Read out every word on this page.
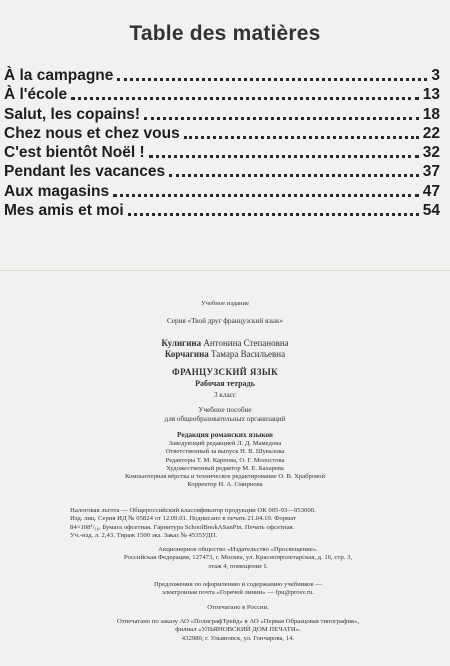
Table des matières
À la campagne	3
À l'école	13
Salut, les copains!	18
Chez nous et chez vous	22
C'est bientôt Noël !	32
Pendant les vacances	37
Aux magasins	47
Mes amis et moi	54
Учебное издание
Серия «Твой друг французский язык»
Кулигина Антонина Степановна
Корчагина Тамара Васильевна
ФРАНЦУЗСКИЙ ЯЗЫК
Рабочая тетрадь
3 класс
Учебное пособие
для общеобразовательных организаций
Редакция романских языков
Заведующий редакцией Л. Д. Мамедова
Ответственный за выпуск Н. В. Шувалова
Редакторы Т. М. Карпова, О. Г. Молостова
Художественный редактор М. Е. Бахарева
Компьютерная вёрстка и техническое редактирование О. В. Храбровой
Корректор Н. А. Смирнова
Налоговая льгота — Общероссийский классификатор продукции ОК 005-93—953000.
Изд. лиц. Серия ИД № 05824 от 12.09.01. Подписано в печать 21.04.19. Формат
84×108¹/₁₆. Бумага офсетная. Гарнитура SchoolBookASanPin. Печать офсетная.
Уч.-изд. л. 2,43. Тираж 1500 экз. Заказ № 4535УДП.
Акционерное общество «Издательство «Просвещение».
Российская Федерация, 127473, г. Москва, ул. Краснопролетарская, д. 16, стр. 3,
этаж 4, помещение I.
Предложения по оформлению и содержанию учебников —
электронная почта «Горячей линии» — fpu@prosv.ru.
Отпечатано в России.
Отпечатано по заказу АО «ПолиграфТрейд» в АО «Первая Образцовая типография»,
филиал «УЛЬЯНОВСКИЙ ДОМ ПЕЧАТИ».
432980, г. Ульяновск, ул. Гончарова, 14.
